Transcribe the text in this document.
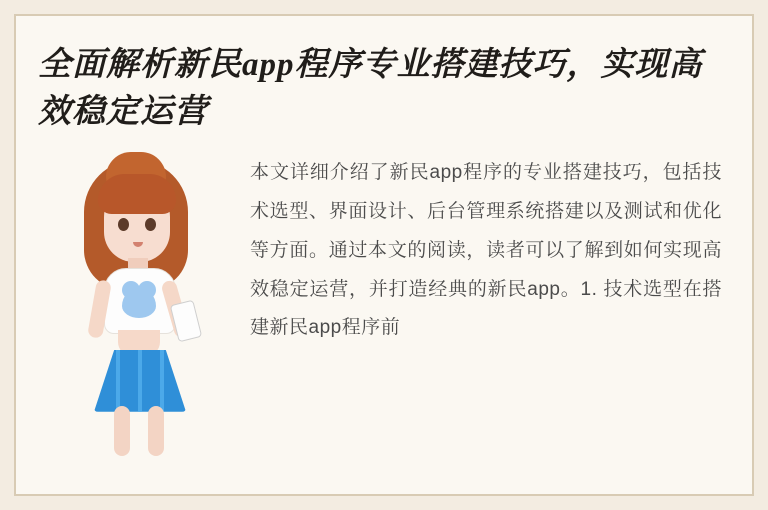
全面解析新民app程序专业搭建技巧，实现高效稳定运营
本文详细介绍了新民app程序的专业搭建技巧，包括技术选型、界面设计、后台管理系统搭建以及测试和优化等方面。通过本文的阅读，读者可以了解到如何实现高效稳定运营，并打造经典的新民app。1. 技术选型在搭建新民app程序前
